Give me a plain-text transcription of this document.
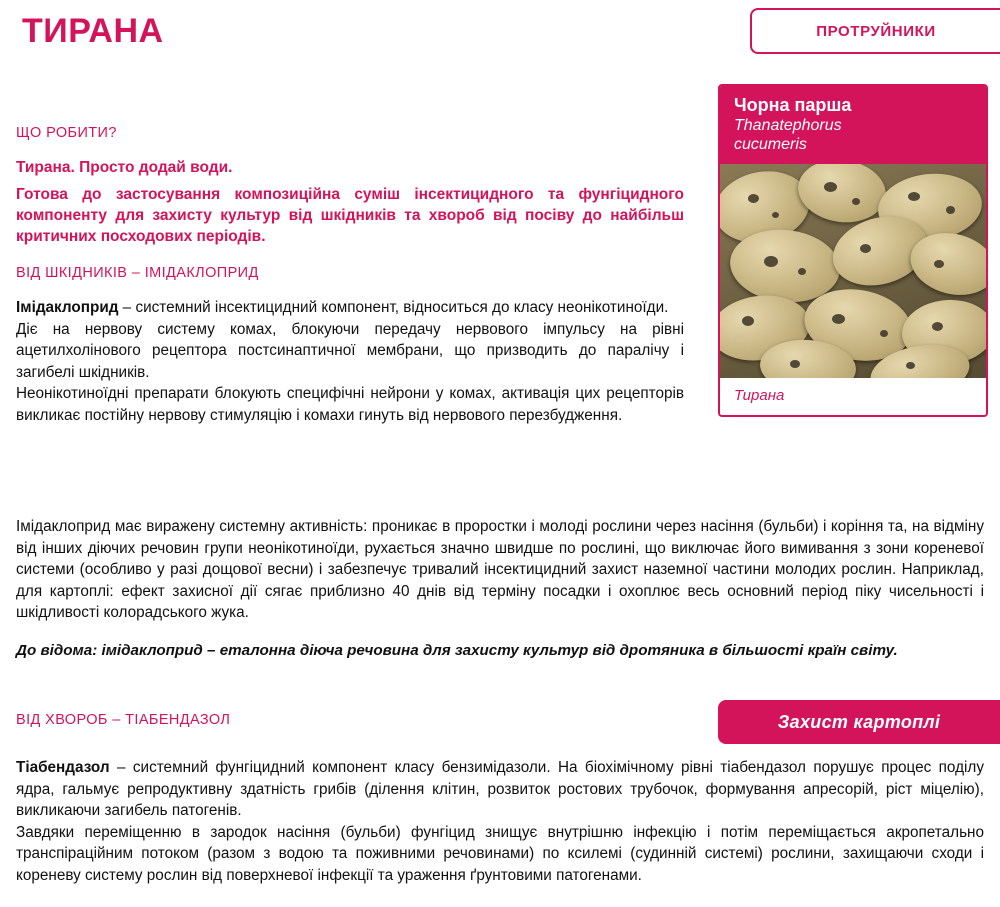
ТИРАНА	ПРОТРУЙНИКИ
ЩО РОБИТИ?
Тирана. Просто додай води.
Готова до застосування композиційна суміш інсектицидного та фунгіцидного компоненту для захисту культур від шкідників та хвороб від посіву до найбільш критичних посходових періодів.
ВІД ШКІДНИКІВ – ІМІДАКЛОПРИД

Імідаклоприд – системний інсектицидний компонент, відноситься до класу неонікотиноїди.

Діє на нервову систему комах, блокуючи передачу нервового імпульсу на рівні ацетилхолінового рецептора постсинаптичної мембрани, що призводить до паралічу і загибелі шкідників.

Неонікотиноїдні препарати блокують специфічні нейрони у комах, активація цих рецепторів викликає постійну нервову стимуляцію і комахи гинуть від нервового перезбудження.

Імідаклоприд має виражену системну активність: проникає в проростки і молоді рослини через насіння (бульби) і коріння та, на відміну від інших діючих речовин групи неонікотиноїди, рухається значно швидше по рослині, що виключає його вимивання з зони кореневої системи (особливо у разі дощової весни) і забезпечує тривалий інсектицидний захист наземної частини молодих рослин. Наприклад, для картоплі: ефект захисної дії сягає приблизно 40 днів від терміну посадки і охоплює весь основний період піку чисельності і шкідливості колорадського жука.

До відома: імідаклоприд – еталонна діюча речовина для захисту культур від дротяника в більшості країн світу.
Чорна парша
Thanatephorus
cucumeris
Тирана
Захист картоплі
ВІД ХВОРОБ – ТІАБЕНДАЗОЛ

Тіабендазол – системний фунгіцидний компонент класу бензимідазоли. На біохімічному рівні тіабендазол порушує процес поділу ядра, гальмує репродуктивну здатність грибів (ділення клітин, розвиток ростових трубочок, формування апресорій, ріст міцелію), викликаючи загибель патогенів.

Завдяки переміщенню в зародок насіння (бульби) фунгіцид знищує внутрішню інфекцію і потім переміщається акропетально транспіраційним потоком (разом з водою та поживними речовинами) по ксилемі (судинній системі) рослини, захищаючи сходи і кореневу систему рослин від поверхневої інфекції та ураження ґрунтовими патогенами.
